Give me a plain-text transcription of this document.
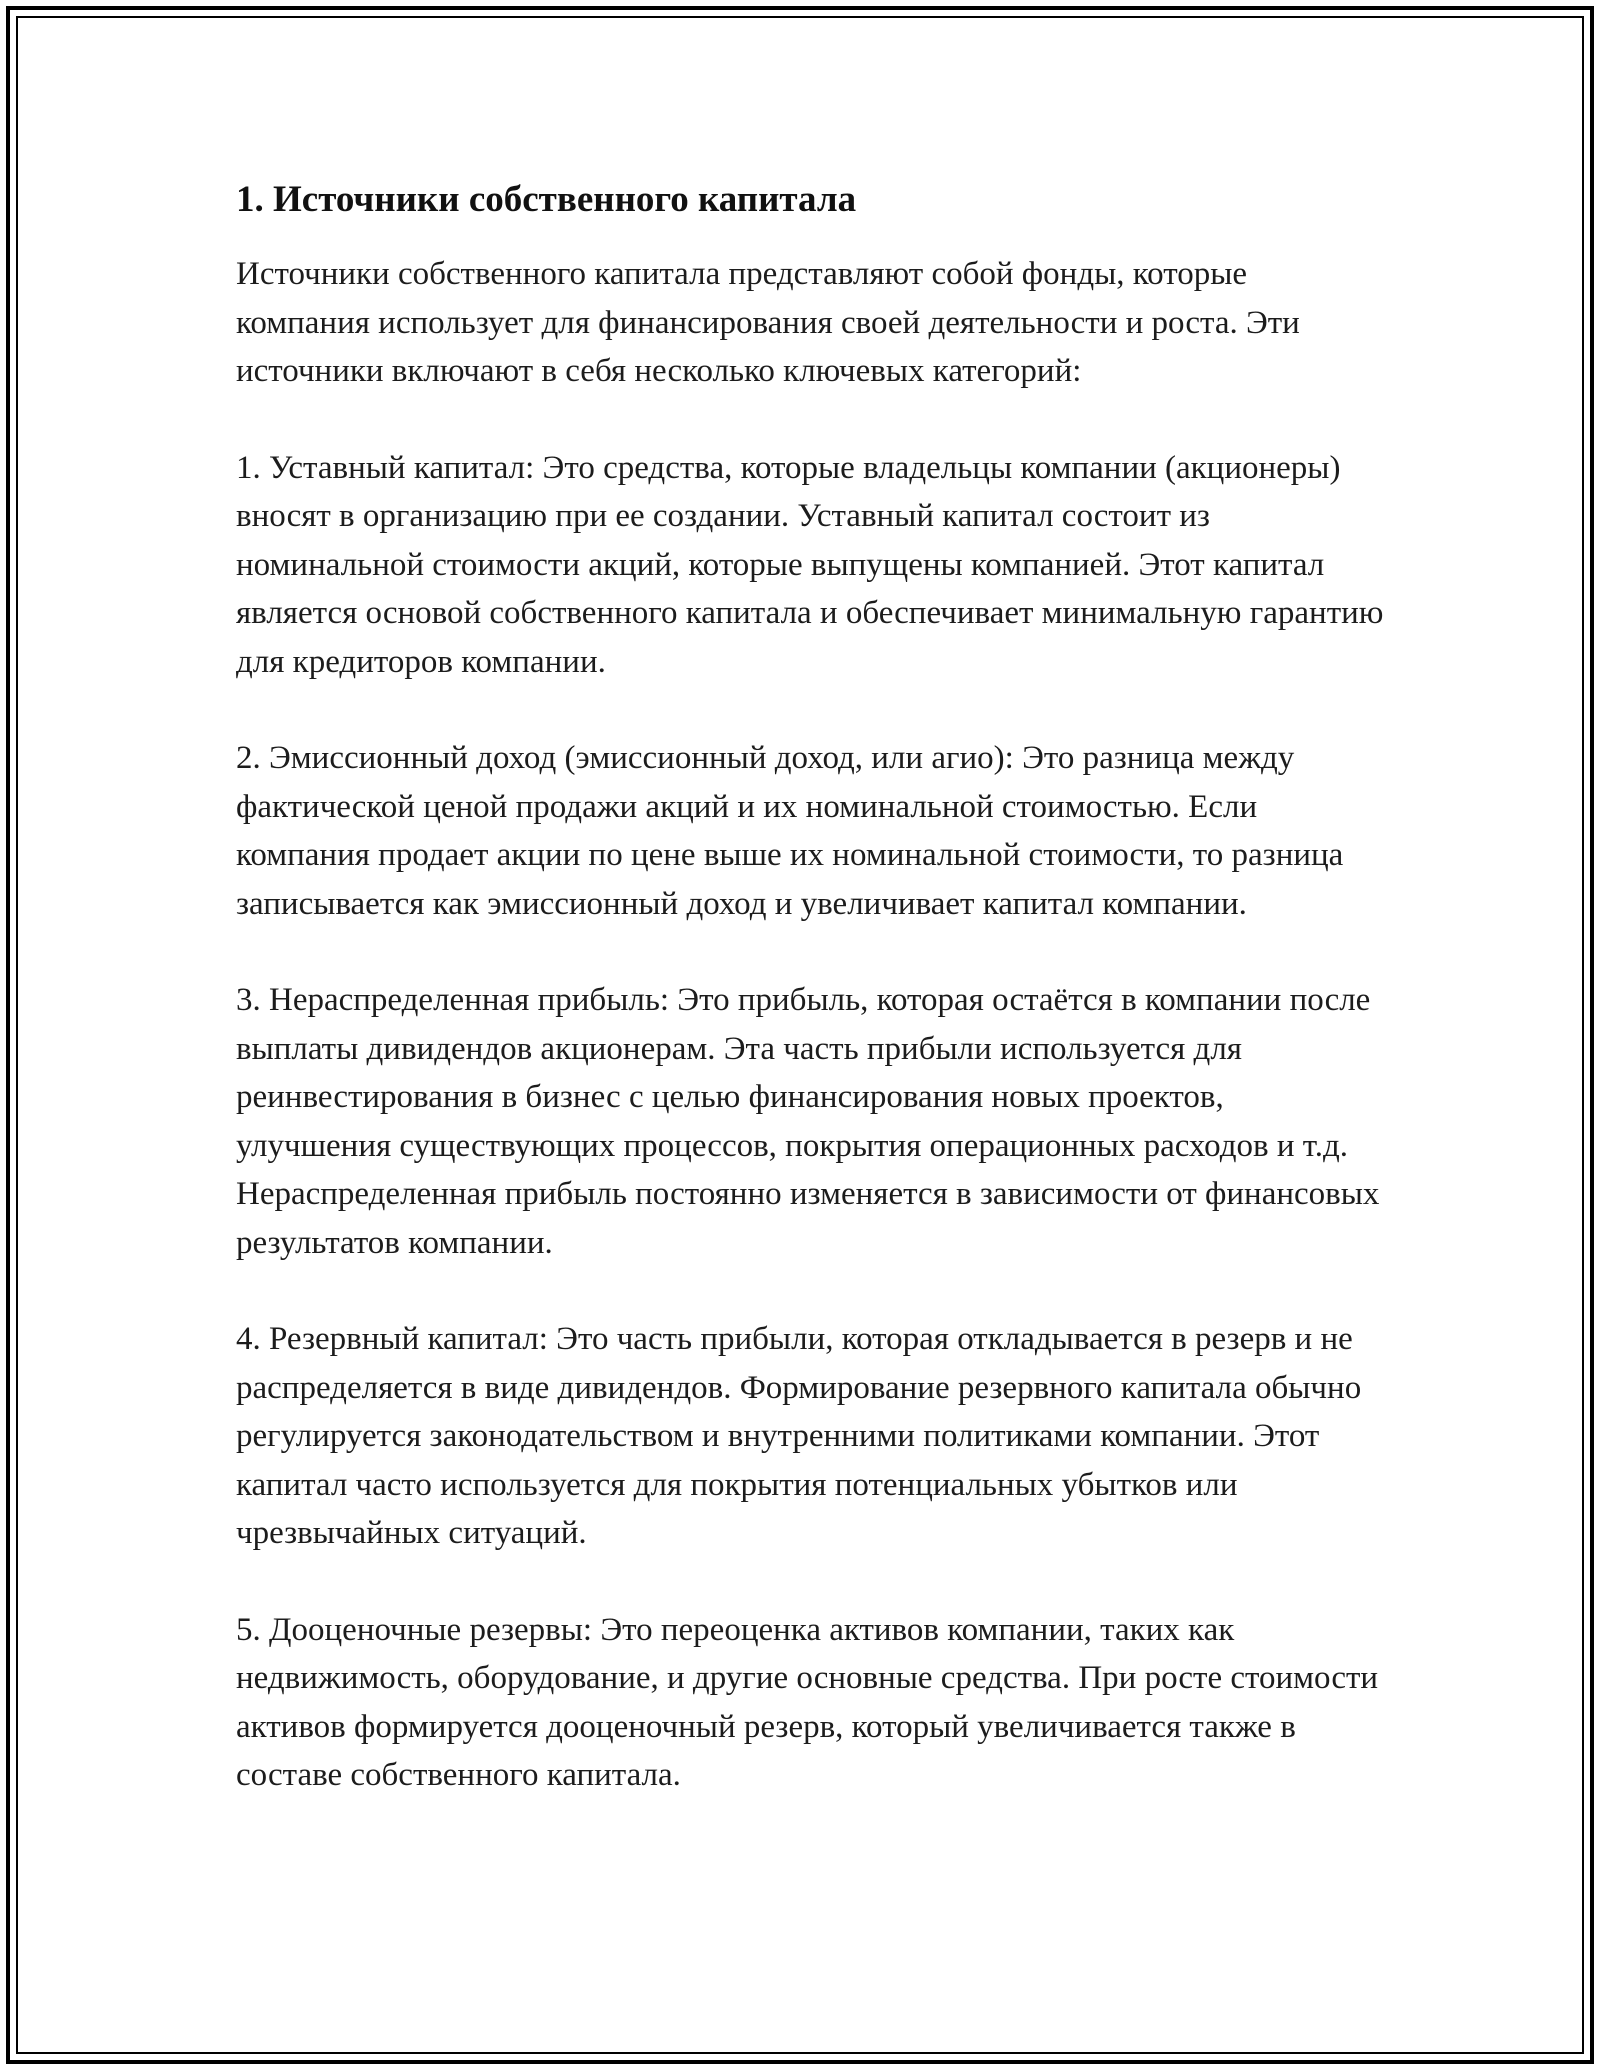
1. Источники собственного капитала

Источники собственного капитала представляют собой фонды, которые компания использует для финансирования своей деятельности и роста. Эти источники включают в себя несколько ключевых категорий:

1. Уставный капитал: Это средства, которые владельцы компании (акционеры) вносят в организацию при ее создании. Уставный капитал состоит из номинальной стоимости акций, которые выпущены компанией. Этот капитал является основой собственного капитала и обеспечивает минимальную гарантию для кредиторов компании.

2. Эмиссионный доход (эмиссионный доход, или агио): Это разница между фактической ценой продажи акций и их номинальной стоимостью. Если компания продает акции по цене выше их номинальной стоимости, то разница записывается как эмиссионный доход и увеличивает капитал компании.

3. Нераспределенная прибыль: Это прибыль, которая остаётся в компании после выплаты дивидендов акционерам. Эта часть прибыли используется для реинвестирования в бизнес с целью финансирования новых проектов, улучшения существующих процессов, покрытия операционных расходов и т.д. Нераспределенная прибыль постоянно изменяется в зависимости от финансовых результатов компании.

4. Резервный капитал: Это часть прибыли, которая откладывается в резерв и не распределяется в виде дивидендов. Формирование резервного капитала обычно регулируется законодательством и внутренними политиками компании. Этот капитал часто используется для покрытия потенциальных убытков или чрезвычайных ситуаций.

5. Дооценочные резервы: Это переоценка активов компании, таких как недвижимость, оборудование, и другие основные средства. При росте стоимости активов формируется дооценочный резерв, который увеличивается также в составе собственного капитала.
